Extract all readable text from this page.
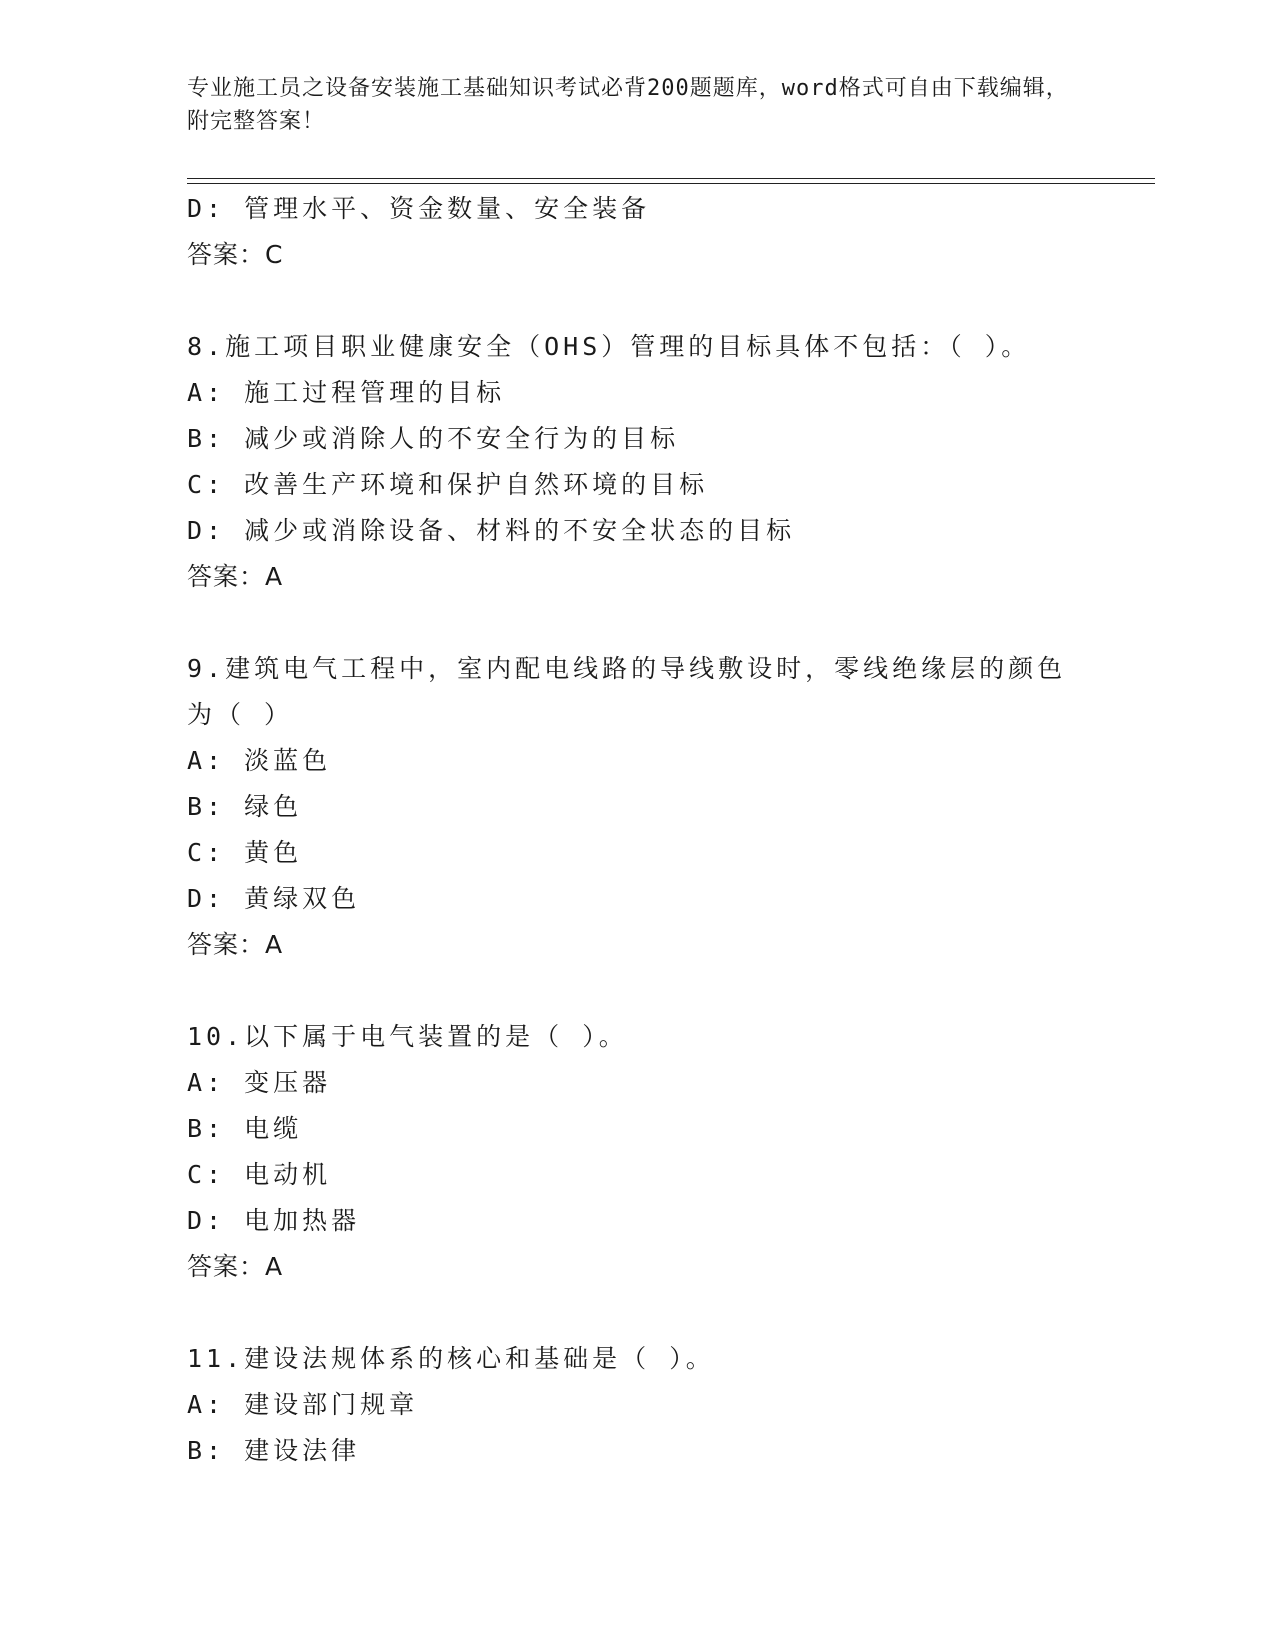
专业施工员之设备安装施工基础知识考试必背200题题库，word格式可自由下载编辑，附完整答案！
D: 管理水平、资金数量、安全装备
答案：C
8.施工项目职业健康安全（OHS）管理的目标具体不包括：（ ）。
A: 施工过程管理的目标
B: 减少或消除人的不安全行为的目标
C: 改善生产环境和保护自然环境的目标
D: 减少或消除设备、材料的不安全状态的目标
答案：A
9.建筑电气工程中，室内配电线路的导线敷设时，零线绝缘层的颜色
为（ ）
A: 淡蓝色
B: 绿色
C: 黄色
D: 黄绿双色
答案：A
10.以下属于电气装置的是（ ）。
A: 变压器
B: 电缆
C: 电动机
D: 电加热器
答案：A
11.建设法规体系的核心和基础是（ ）。
A: 建设部门规章
B: 建设法律
